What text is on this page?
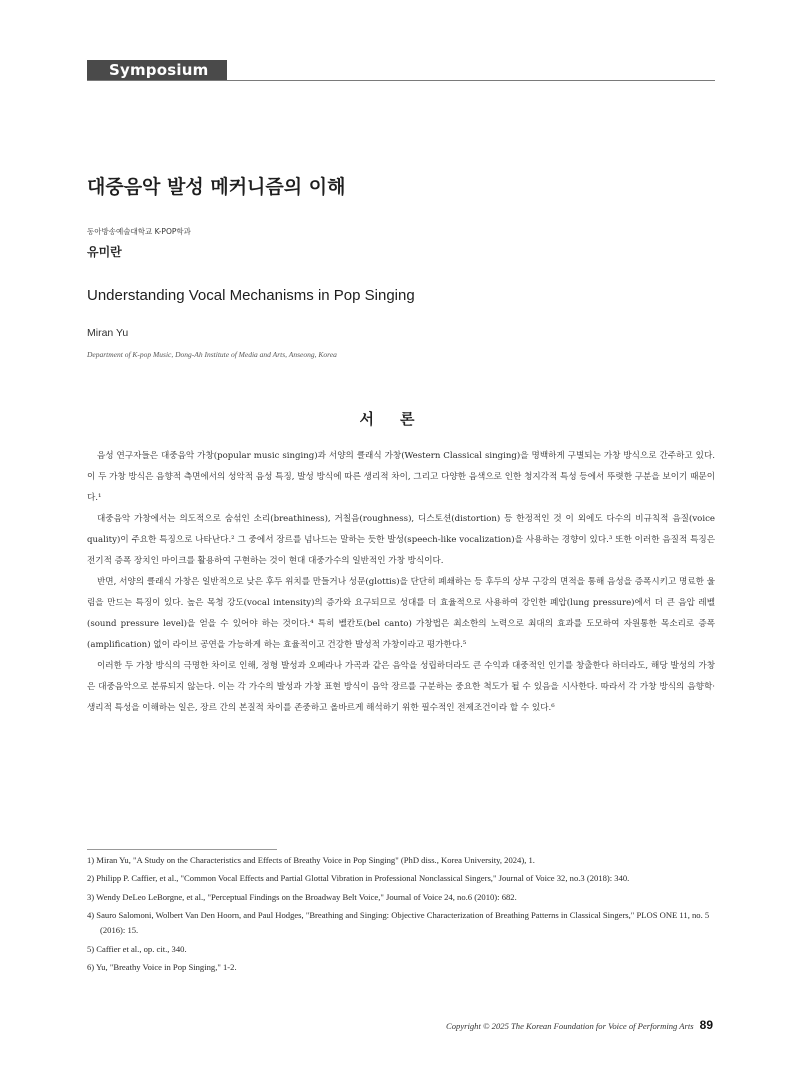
Symposium
대중음악 발성 메커니즘의 이해
동아방송예술대학교 K-POP학과
유미란
Understanding Vocal Mechanisms in Pop Singing
Miran Yu
Department of K-pop Music, Dong-Ah Institute of Media and Arts, Anseong, Korea
서론

음성 연구자들은 대중음악 가창(popular music singing)과 서양의 클래식 가창(Western Classical singing)을 명백하게 구별되는 가창 방식으로 간주하고 있다. 이 두 가창 방식은 음향적 측면에서의 성악적 음성 특징, 발성 방식에 따른 생리적 차이, 그리고 다양한 음색으로 인한 청지각적 특성 등에서 뚜렷한 구분을 보이기 때문이다.¹

대중음악 가창에서는 의도적으로 숨섞인 소리(breathiness), 거칠음(roughness), 디스토션(distortion) 등 한정적인 것 이 외에도 다수의 비규칙적 음질(voice quality)이 주요한 특징으로 나타난다.² 그 중에서 장르를 넘나드는 말하는 듯한 발성(speech-like vocalization)을 사용하는 경향이 있다.³ 또한 이러한 음질적 특징은 전기적 증폭 장치인 마이크를 활용하여 구현하는 것이 현대 대중가수의 일반적인 가창 방식이다.

반면, 서양의 클래식 가창은 일반적으로 낮은 후두 위치를 만들거나 성문(glottis)을 단단히 폐쇄하는 등 후두의 상부 구강의 면적을 통해 음성을 증폭시키고 명료한 울림을 만드는 특징이 있다. 높은 목청 강도(vocal intensity)의 증가와 요구되므로 성대를 더 효율적으로 사용하여 강인한 폐압(lung pressure)에서 더 큰 음압 레벨(sound pressure level)을 얻을 수 있어야 하는 것이다.⁴ 특히 벨칸토(bel canto) 가창법은 최소한의 노력으로 최대의 효과를 도모하여 자원통한 목소리로 증폭(amplification) 없이 라이브 공연을 가능하게 하는 효율적이고 건강한 발성적 가창이라고 평가한다.⁵

이러한 두 가창 방식의 극명한 차이로 인해, 정형 발성과 오페라나 가곡과 같은 음악을 성립하더라도 큰 수익과 대중적인 인기를 창출한다 하더라도, 해당 발성의 가창은 대중음악으로 분류되지 않는다. 이는 각 가수의 발성과 가창 표현 방식이 음악 장르를 구분하는 중요한 척도가 될 수 있음을 시사한다. 따라서 각 가창 방식의 음향학·생리적 특성을 이해하는 일은, 장르 간의 본질적 차이를 존중하고 올바르게 해석하기 위한 필수적인 전제조건이라 할 수 있다.⁶

1) Miran Yu, "A Study on the Characteristics and Effects of Breathy Voice in Pop Singing" (PhD diss., Korea University, 2024), 1.

2) Philipp P. Caffier, et al., "Common Vocal Effects and Partial Glottal Vibration in Professional Nonclassical Singers," Journal of Voice 32, no.3 (2018): 340.

3) Wendy DeLeo LeBorgne, et al., "Perceptual Findings on the Broadway Belt Voice," Journal of Voice 24, no.6 (2010): 682.

4) Sauro Salomoni, Wolbert Van Den Hoorn, and Paul Hodges, "Breathing and Singing: Objective Characterization of Breathing Patterns in Classical Singers," PLOS ONE 11, no. 5 (2016): 15.

5) Caffier et al., op. cit., 340.

6) Yu, "Breathy Voice in Pop Singing," 1-2.

Copyright © 2025 The Korean Foundation for Voice of Performing Arts 89
